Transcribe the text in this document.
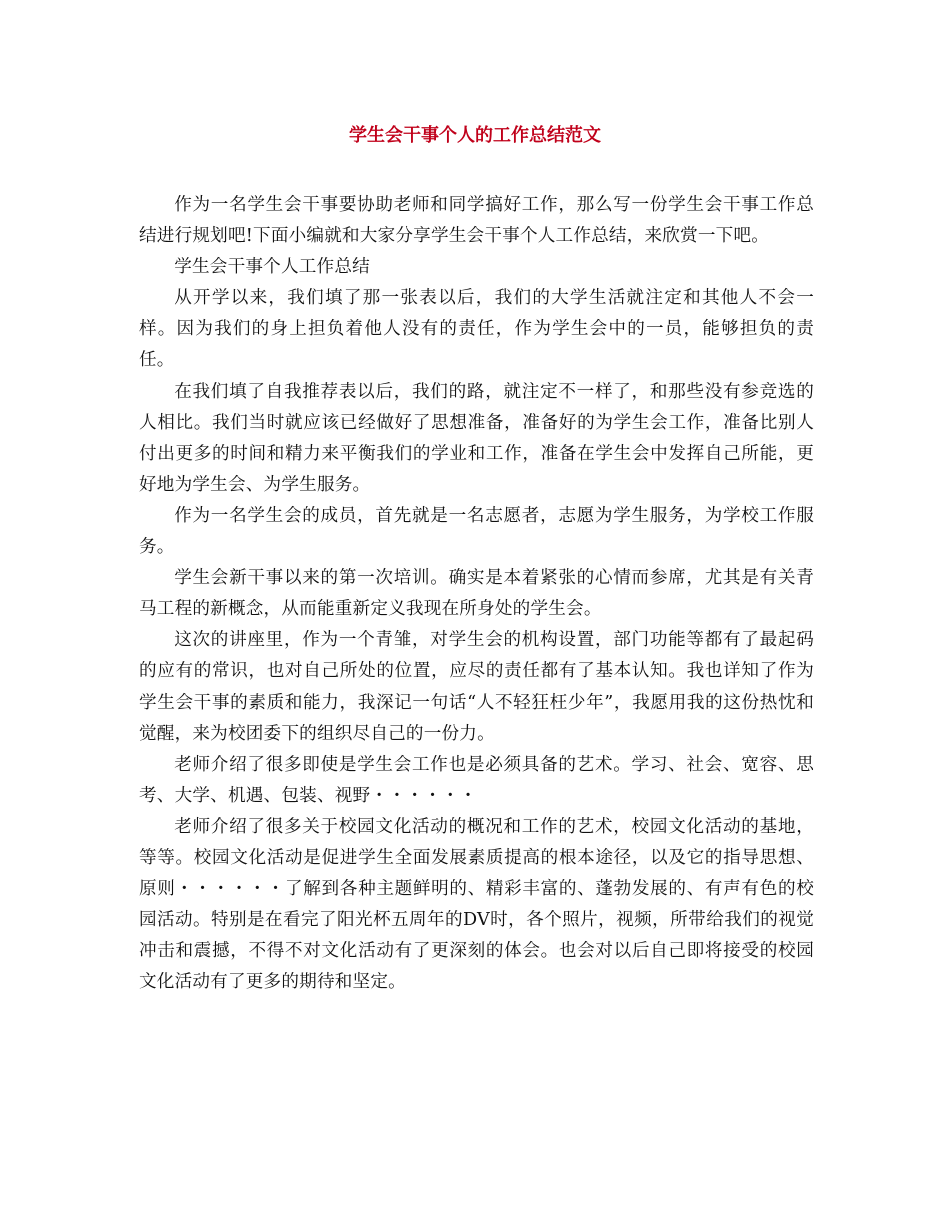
学生会干事个人的工作总结范文

作为一名学生会干事要协助老师和同学搞好工作，那么写一份学生会干事工作总结进行规划吧!下面小编就和大家分享学生会干事个人工作总结，来欣赏一下吧。

学生会干事个人工作总结

从开学以来，我们填了那一张表以后，我们的大学生活就注定和其他人不会一样。因为我们的身上担负着他人没有的责任，作为学生会中的一员，能够担负的责任。

在我们填了自我推荐表以后，我们的路，就注定不一样了，和那些没有参竞选的人相比。我们当时就应该已经做好了思想准备，准备好的为学生会工作，准备比别人付出更多的时间和精力来平衡我们的学业和工作，准备在学生会中发挥自己所能，更好地为学生会、为学生服务。

作为一名学生会的成员，首先就是一名志愿者，志愿为学生服务，为学校工作服务。

学生会新干事以来的第一次培训。确实是本着紧张的心情而参席，尤其是有关青马工程的新概念，从而能重新定义我现在所身处的学生会。

这次的讲座里，作为一个青雏，对学生会的机构设置，部门功能等都有了最起码的应有的常识，也对自己所处的位置，应尽的责任都有了基本认知。我也详知了作为学生会干事的素质和能力，我深记一句话“人不轻狂枉少年”，我愿用我的这份热忱和觉醒，来为校团委下的组织尽自己的一份力。

老师介绍了很多即使是学生会工作也是必须具备的艺术。学习、社会、宽容、思考、大学、机遇、包装、视野・・・・・・

老师介绍了很多关于校园文化活动的概况和工作的艺术，校园文化活动的基地，等等。校园文化活动是促进学生全面发展素质提高的根本途径，以及它的指导思想、原则・・・・・・了解到各种主题鲜明的、精彩丰富的、蓬勃发展的、有声有色的校园活动。特别是在看完了阳光杯五周年的DV时，各个照片，视频，所带给我们的视觉冲击和震撼，不得不对文化活动有了更深刻的体会。也会对以后自己即将接受的校园文化活动有了更多的期待和坚定。
